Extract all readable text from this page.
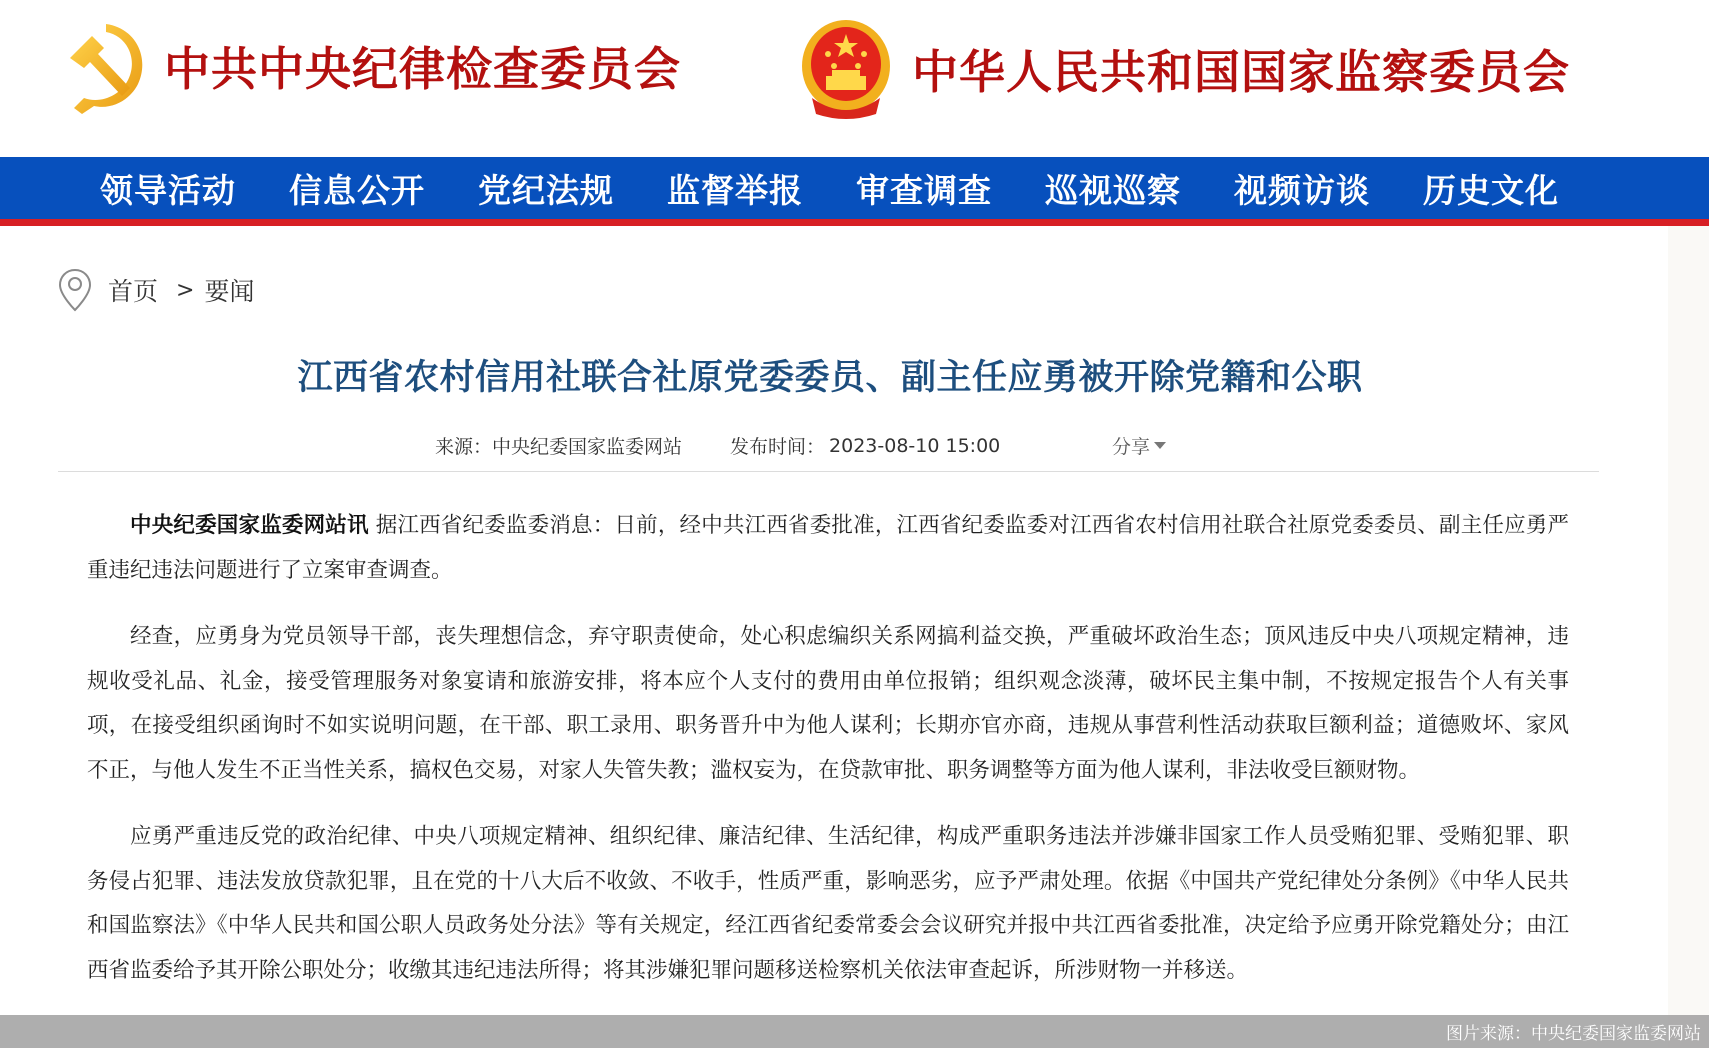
中共中央纪律检查委员会	中华人民共和国国家监察委员会
领导活动 信息公开 党纪法规 监督举报 审查调查 巡视巡察 视频访谈 历史文化
首页 > 要闻
江西省农村信用社联合社原党委委员、副主任应勇被开除党籍和公职
来源： 中央纪委国家监委网站	发布时间： 2023-08-10 15:00	分享

中央纪委国家监委网站讯 据江西省纪委监委消息：日前，经中共江西省委批准，江西省纪委监委对江西省农村信用社联合社原党委委员、副主任应勇严重违纪违法问题进行了立案审查调查。

经查，应勇身为党员领导干部，丧失理想信念，弃守职责使命，处心积虑编织关系网搞利益交换，严重破坏政治生态；顶风违反中央八项规定精神，违规收受礼品、礼金，接受管理服务对象宴请和旅游安排，将本应个人支付的费用由单位报销；组织观念淡薄，破坏民主集中制，不按规定报告个人有关事项，在接受组织函询时不如实说明问题，在干部、职工录用、职务晋升中为他人谋利；长期亦官亦商，违规从事营利性活动获取巨额利益；道德败坏、家风不正，与他人发生不正当性关系，搞权色交易，对家人失管失教；滥权妄为，在贷款审批、职务调整等方面为他人谋利，非法收受巨额财物。

应勇严重违反党的政治纪律、中央八项规定精神、组织纪律、廉洁纪律、生活纪律，构成严重职务违法并涉嫌非国家工作人员受贿犯罪、受贿犯罪、职务侵占犯罪、违法发放贷款犯罪，且在党的十八大后不收敛、不收手，性质严重，影响恶劣，应予严肃处理。依据《中国共产党纪律处分条例》《中华人民共和国监察法》《中华人民共和国公职人员政务处分法》等有关规定，经江西省纪委常委会会议研究并报中共江西省委批准，决定给予应勇开除党籍处分；由江西省监委给予其开除公职处分；收缴其违纪违法所得；将其涉嫌犯罪问题移送检察机关依法审查起诉，所涉财物一并移送。

图片来源：中央纪委国家监委网站
